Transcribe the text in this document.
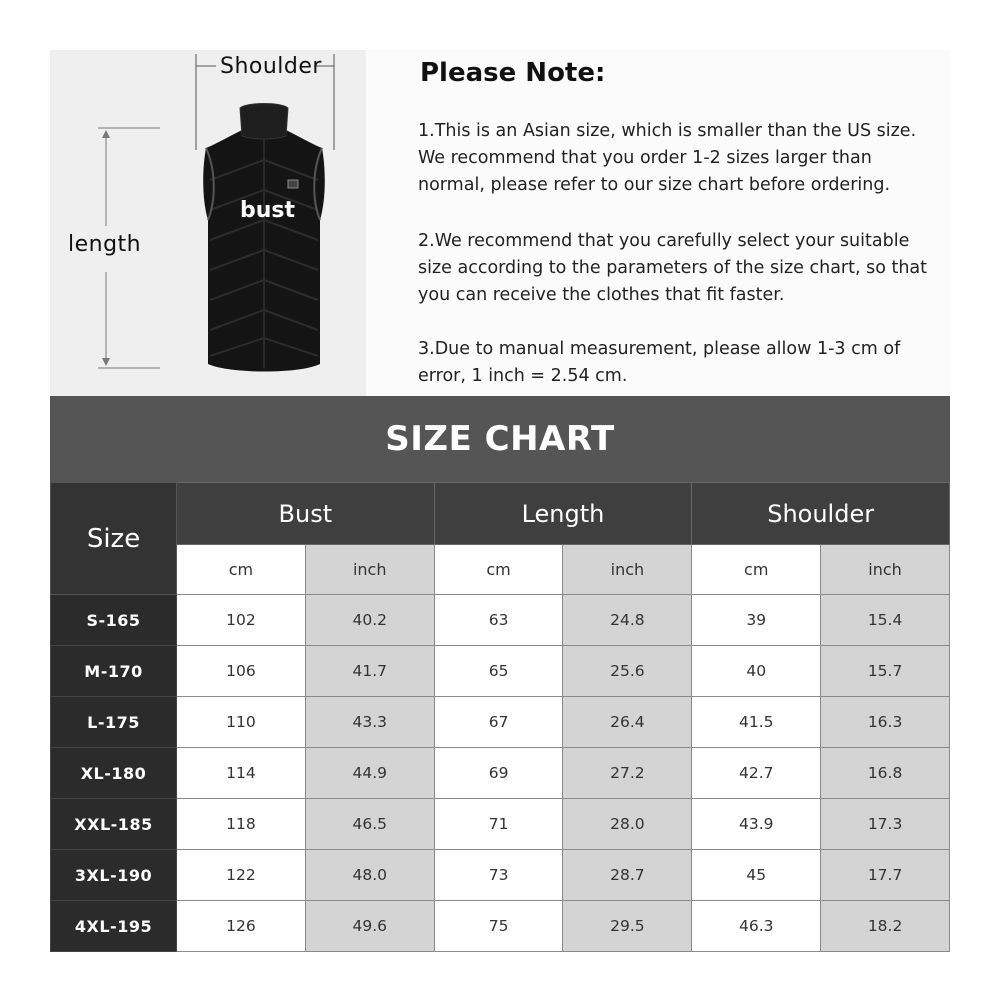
Shoulder
length
bust
Please Note:

1.This is an Asian size, which is smaller than the US size. We recommend that you order 1-2 sizes larger than normal, please refer to our size chart before ordering.

2.We recommend that you carefully select your suitable size according to the parameters of the size chart, so that you can receive the clothes that fit faster.

3.Due to manual measurement, please allow 1-3 cm of error, 1 inch = 2.54 cm.

SIZE CHART
Size	Bust		Length		Shoulder	
	cm	inch	cm	inch	cm	inch
S-165	102	40.2	63	24.8	39	15.4
M-170	106	41.7	65	25.6	40	15.7
L-175	110	43.3	67	26.4	41.5	16.3
XL-180	114	44.9	69	27.2	42.7	16.8
XXL-185	118	46.5	71	28.0	43.9	17.3
3XL-190	122	48.0	73	28.7	45	17.7
4XL-195	126	49.6	75	29.5	46.3	18.2
